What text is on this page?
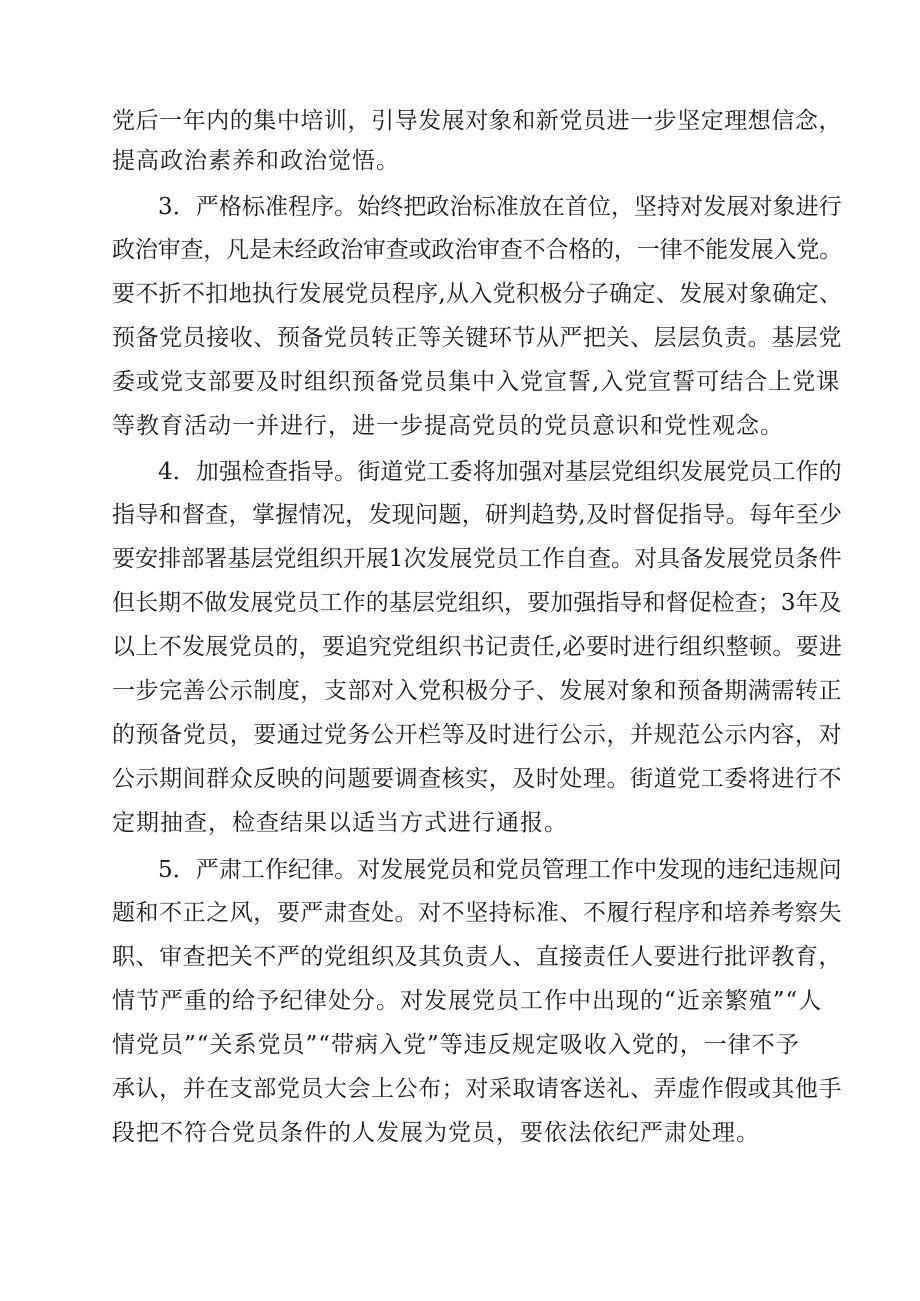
党后一年内的集中培训，引导发展对象和新党员进一步坚定理想信念，
提高政治素养和政治觉悟。
3．严格标准程序。始终把政治标准放在首位，坚持对发展对象进行
政治审查，凡是未经政治审查或政治审查不合格的，一律不能发展入党。
要不折不扣地执行发展党员程序,从入党积极分子确定、发展对象确定、
预备党员接收、预备党员转正等关键环节从严把关、层层负责。基层党
委或党支部要及时组织预备党员集中入党宣誓,入党宣誓可结合上党课
等教育活动一并进行，进一步提高党员的党员意识和党性观念。
4．加强检查指导。街道党工委将加强对基层党组织发展党员工作的
指导和督查，掌握情况，发现问题，研判趋势,及时督促指导。每年至少
要安排部署基层党组织开展1次发展党员工作自查。对具备发展党员条件
但长期不做发展党员工作的基层党组织，要加强指导和督促检查；3年及
以上不发展党员的，要追究党组织书记责任,必要时进行组织整顿。要进
一步完善公示制度，支部对入党积极分子、发展对象和预备期满需转正
的预备党员，要通过党务公开栏等及时进行公示，并规范公示内容，对
公示期间群众反映的问题要调查核实，及时处理。街道党工委将进行不
定期抽查，检查结果以适当方式进行通报。
5．严肃工作纪律。对发展党员和党员管理工作中发现的违纪违规问
题和不正之风，要严肃查处。对不坚持标准、不履行程序和培养考察失
职、审查把关不严的党组织及其负责人、直接责任人要进行批评教育，
情节严重的给予纪律处分。对发展党员工作中出现的“近亲繁殖”“人
情党员”“关系党员”“带病入党”等违反规定吸收入党的，一律不予
承认，并在支部党员大会上公布；对采取请客送礼、弄虚作假或其他手
段把不符合党员条件的人发展为党员，要依法依纪严肃处理。
